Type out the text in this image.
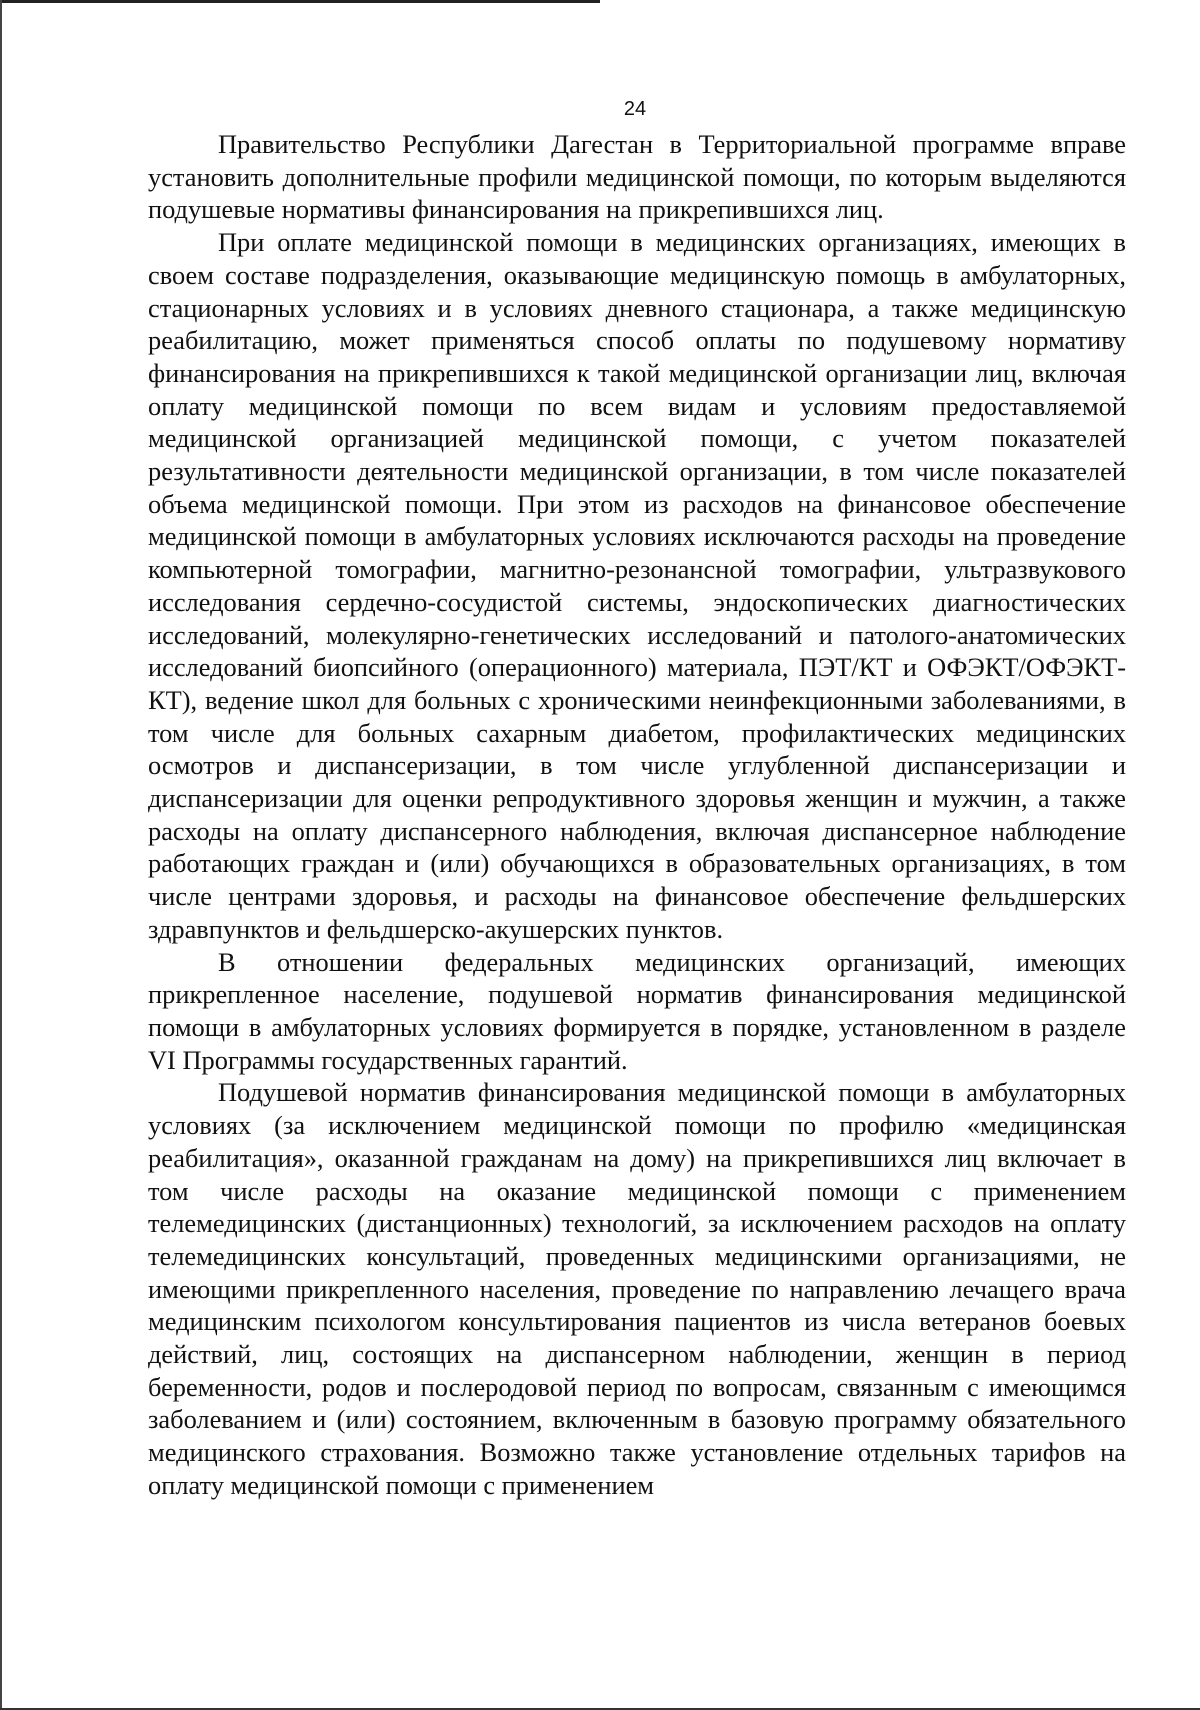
24

Правительство Республики Дагестан в Территориальной программе вправе установить дополнительные профили медицинской помощи, по которым выделяются подушевые нормативы финансирования на прикрепившихся лиц.

При оплате медицинской помощи в медицинских организациях, имеющих в своем составе подразделения, оказывающие медицинскую помощь в амбулаторных, стационарных условиях и в условиях дневного стационара, а также медицинскую реабилитацию, может применяться способ оплаты по подушевому нормативу финансирования на прикрепившихся к такой медицинской организации лиц, включая оплату медицинской помощи по всем видам и условиям предоставляемой медицинской организацией медицинской помощи, с учетом показателей результативности деятельности медицинской организации, в том числе показателей объема медицинской помощи. При этом из расходов на финансовое обеспечение медицинской помощи в амбулаторных условиях исключаются расходы на проведение компьютерной томографии, магнитно-резонансной томографии, ультразвукового исследования сердечно-сосудистой системы, эндоскопических диагностических исследований, молекулярно-генетических исследований и патолого-анатомических исследований биопсийного (операционного) материала, ПЭТ/КТ и ОФЭКТ/ОФЭКТ-КТ), ведение школ для больных с хроническими неинфекционными заболеваниями, в том числе для больных сахарным диабетом, профилактических медицинских осмотров и диспансеризации, в том числе углубленной диспансеризации и диспансеризации для оценки репродуктивного здоровья женщин и мужчин, а также расходы на оплату диспансерного наблюдения, включая диспансерное наблюдение работающих граждан и (или) обучающихся в образовательных организациях, в том числе центрами здоровья, и расходы на финансовое обеспечение фельдшерских здравпунктов и фельдшерско-акушерских пунктов.

В отношении федеральных медицинских организаций, имеющих прикрепленное население, подушевой норматив финансирования медицинской помощи в амбулаторных условиях формируется в порядке, установленном в разделе VI Программы государственных гарантий.

Подушевой норматив финансирования медицинской помощи в амбулаторных условиях (за исключением медицинской помощи по профилю «медицинская реабилитация», оказанной гражданам на дому) на прикрепившихся лиц включает в том числе расходы на оказание медицинской помощи с применением телемедицинских (дистанционных) технологий, за исключением расходов на оплату телемедицинских консультаций, проведенных медицинскими организациями, не имеющими прикрепленного населения, проведение по направлению лечащего врача медицинским психологом консультирования пациентов из числа ветеранов боевых действий, лиц, состоящих на диспансерном наблюдении, женщин в период беременности, родов и послеродовой период по вопросам, связанным с имеющимся заболеванием и (или) состоянием, включенным в базовую программу обязательного медицинского страхования. Возможно также установление отдельных тарифов на оплату медицинской помощи с применением
